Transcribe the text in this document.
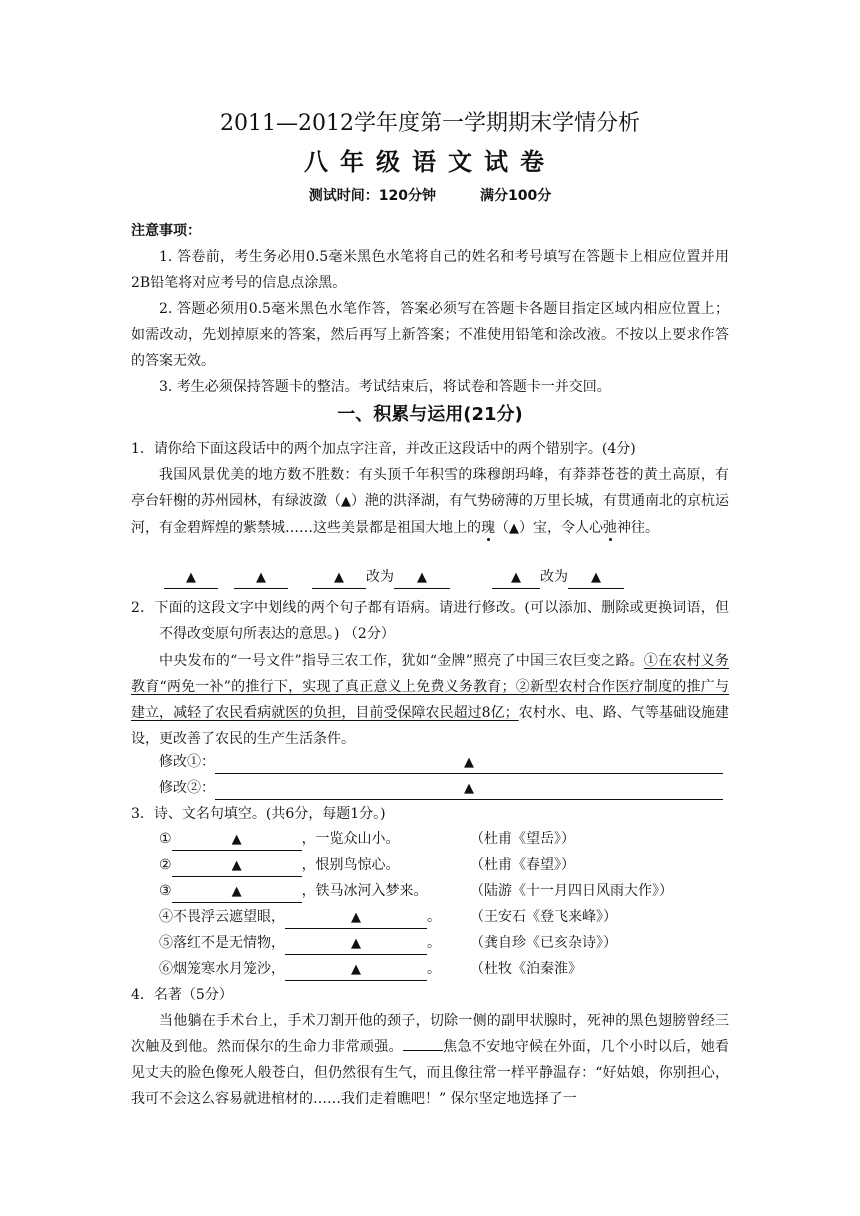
2011—2012学年度第一学期期末学情分析
八年级语文试卷
测试时间：120分钟	满分100分
注意事项：
1. 答卷前，考生务必用0.5毫米黑色水笔将自己的姓名和考号填写在答题卡上相应位置并用2B铅笔将对应考号的信息点涂黑。
2. 答题必须用0.5毫米黑色水笔作答，答案必须写在答题卡各题目指定区域内相应位置上；如需改动，先划掉原来的答案，然后再写上新答案；不准使用铅笔和涂改液。不按以上要求作答的答案无效。
3. 考生必须保持答题卡的整洁。考试结束后，将试卷和答题卡一并交回。
一、积累与运用(21分)
1．请你给下面这段话中的两个加点字注音，并改正这段话中的两个错别字。(4分)
我国风景优美的地方数不胜数：有头顶千年积雪的珠穆朗玛峰，有莽莽苍苍的黄土高原，有亭台轩榭的苏州园林，有绿波潋（▲）滟的洪泽湖，有气势磅薄的万里长城，有贯通南北的京杭运河，有金碧辉煌的紫禁城……这些美景都是祖国大地上的瑰（▲）宝，令人心弛神往。
▲	▲	▲ 改为 ▲	▲ 改为 ▲
2．下面的这段文字中划线的两个句子都有语病。请进行修改。(可以添加、删除或更换词语，但不得改变原句所表达的意思。) （2分）
中央发布的“一号文件”指导三农工作，犹如“金牌”照亮了中国三农巨变之路。①在农村义务教育“两免一补”的推行下，实现了真正意义上免费义务教育；②新型农村合作医疗制度的推广与建立，减轻了农民看病就医的负担，目前受保障农民超过8亿；农村水、电、路、气等基础设施建设，更改善了农民的生产生活条件。
修改①：	▲
修改②：	▲
3．诗、文名句填空。(共6分，每题1分。)
①	▲	，一览众山小。	（杜甫《望岳》）
②	▲	，恨别鸟惊心。	（杜甫《春望》）
③	▲	，铁马冰河入梦来。	（陆游《十一月四日风雨大作》）
④不畏浮云遮望眼，	▲	。 （王安石《登飞来峰》）
⑤落红不是无情物，	▲	。 （龚自珍《已亥杂诗》）
⑥烟笼寒水月笼沙，	▲	。 （杜牧《泊秦淮》
4．名著（5分）
当他躺在手术台上，手术刀割开他的颈子，切除一侧的副甲状腺时，死神的黑色翅膀曾经三次触及到他。然而保尔的生命力非常顽强。	焦急不安地守候在外面，几个小时以后，她看见丈夫的脸色像死人般苍白，但仍然很有生气，而且像往常一样平静温存：“好姑娘，你别担心，我可不会这么容易就进棺材的……我们走着瞧吧！” 保尔坚定地选择了一
